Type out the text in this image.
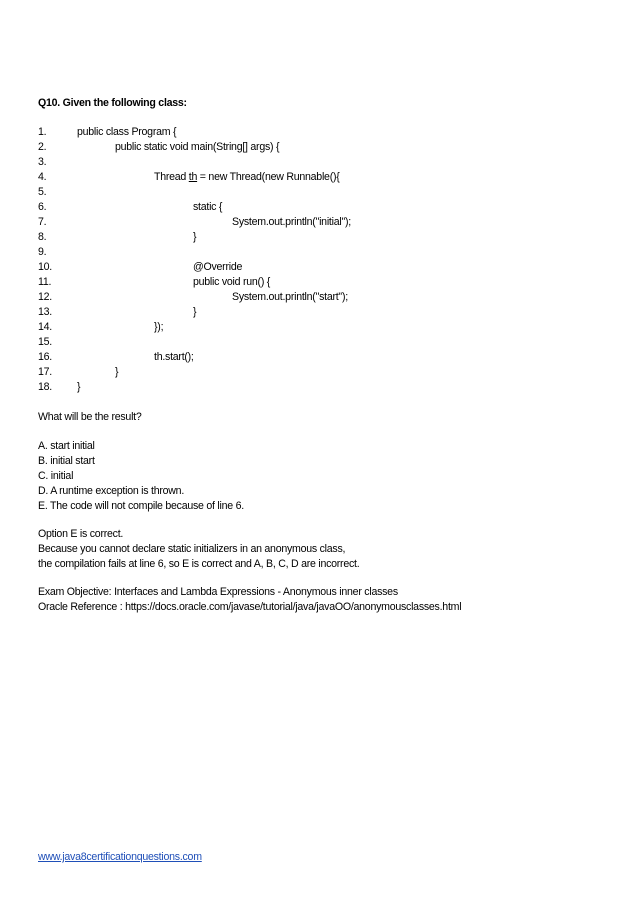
Q10. Given the following class:
1.	public class Program {
2.	public static void main(String[] args) {
3.
4.	Thread th = new Thread(new Runnable(){
5.
6.	static {
7.	System.out.println("initial");
8.	}
9.
10.	@Override
11.	public void run() {
12.	System.out.println("start");
13.	}
14.	});
15.
16.	th.start();
17.	}
18. }
What will be the result?
A. start initial
B. initial start
C. initial
D. A runtime exception is thrown.
E. The code will not compile because of line 6.
Option E is correct.
Because you cannot declare static initializers in an anonymous class,
the compilation fails at line 6, so E is correct and A, B, C, D are incorrect.
Exam Objective: Interfaces and Lambda Expressions - Anonymous inner classes
Oracle Reference : https://docs.oracle.com/javase/tutorial/java/javaOO/anonymousclasses.html
www.java8certificationquestions.com
